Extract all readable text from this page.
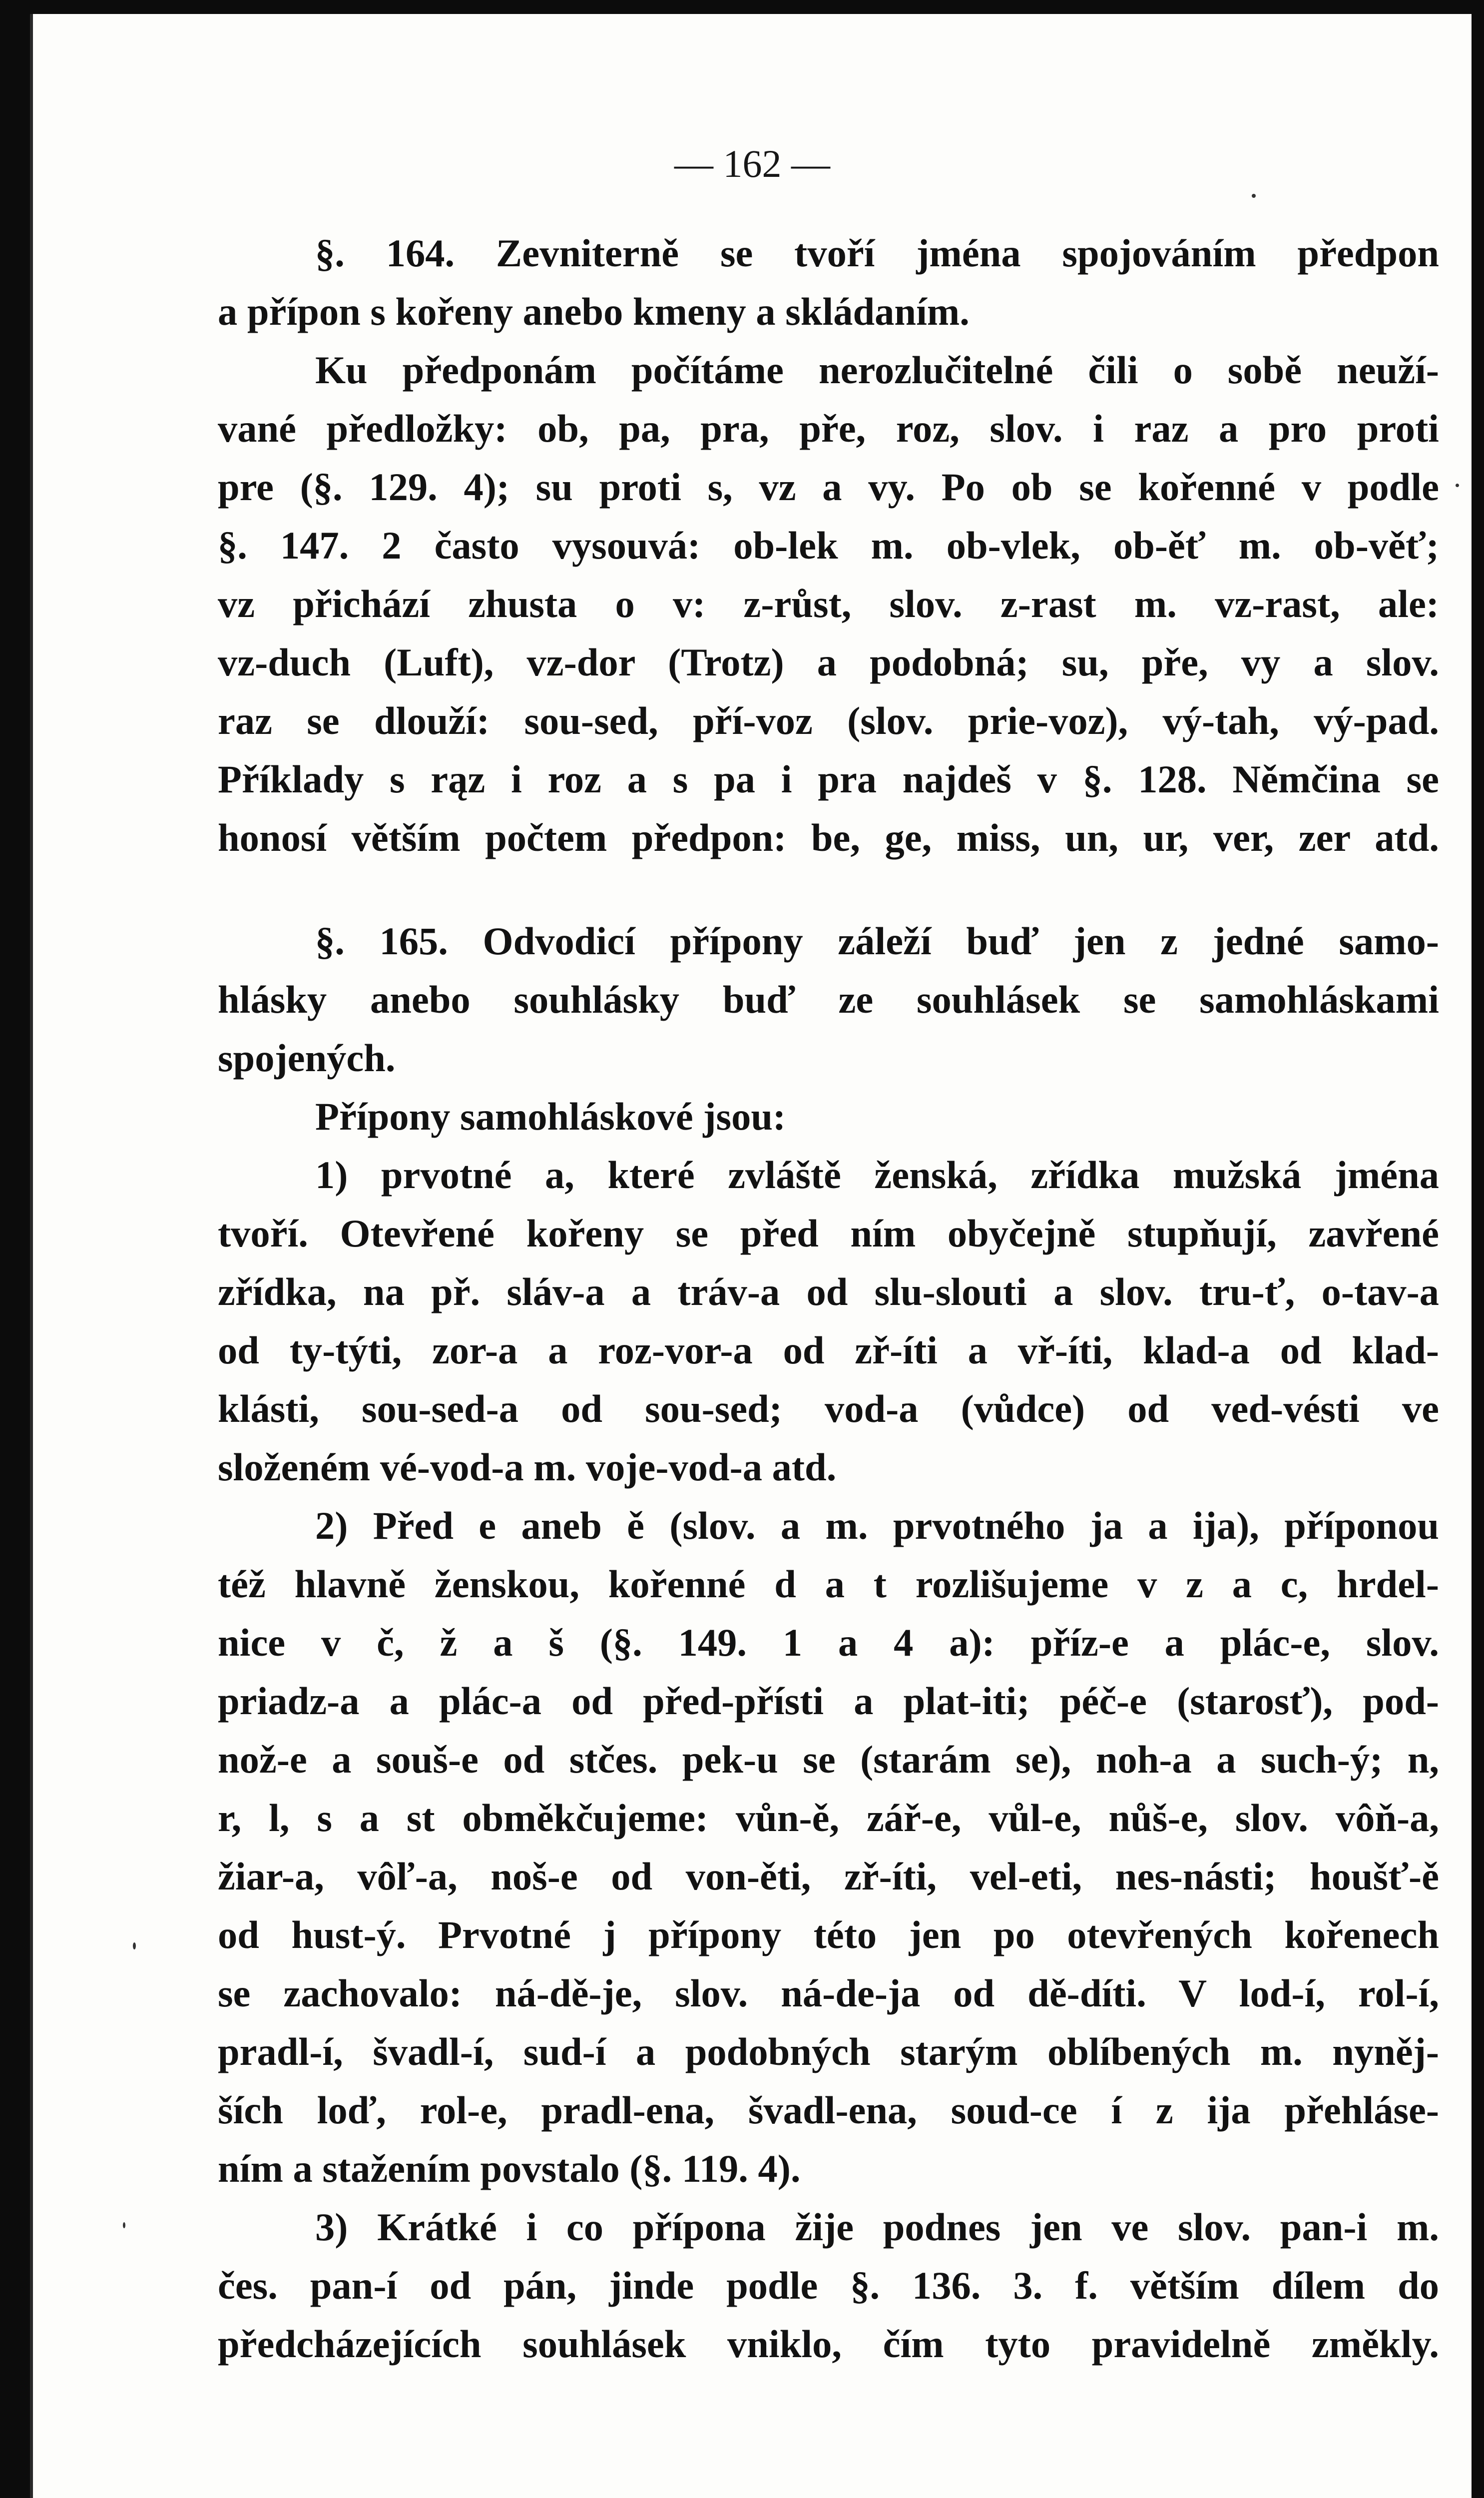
— 162 —
§. 164. Zevniterně se tvoří jména spojováním předpon
a přípon s kořeny anebo kmeny a skládaním.
Ku předponám počítáme nerozlučitelné čili o sobě neuží-
vané předložky: ob, pa, pra, pře, roz, slov. i raz a pro proti
pre (§. 129. 4); su proti s, vz a vy. Po ob se kořenné v podle
§. 147. 2 často vysouvá: ob-lek m. ob-vlek, ob-ěť m. ob-věť;
vz přichází zhusta o v: z-růst, slov. z-rast m. vz-rast, ale:
vz-duch (Luft), vz-dor (Trotz) a podobná; su, pře, vy a slov.
raz se dlouží: sou-sed, pří-voz (slov. prie-voz), vý-tah, vý-pad.
Příklady s rąz i roz a s pa i pra najdeš v §. 128. Němčina se
honosí větším počtem předpon: be, ge, miss, un, ur, ver, zer atd.
§. 165. Odvodicí přípony záleží buď jen z jedné samo-
hlásky anebo souhlásky buď ze souhlásek se samohláskami
spojených.
Přípony samohláskové jsou:
1) prvotné a, které zvláště ženská, zřídka mužská jména
tvoří. Otevřené kořeny se před ním obyčejně stupňují, zavřené
zřídka, na př. sláv-a a tráv-a od slu-slouti a slov. tru-ť, o-tav-a
od ty-týti, zor-a a roz-vor-a od zř-íti a vř-íti, klad-a od klad-
klásti, sou-sed-a od sou-sed; vod-a (vůdce) od ved-vésti ve
složeném vé-vod-a m. voje-vod-a atd.
2) Před e aneb ě (slov. a m. prvotného ja a ija), příponou
též hlavně ženskou, kořenné d a t rozlišujeme v z a c, hrdel-
nice v č, ž a š (§. 149. 1 a 4 a): příz-e a plác-e, slov.
priadz-a a plác-a od před-přísti a plat-iti; péč-e (starosť), pod-
nož-e a souš-e od stčes. pek-u se (starám se), noh-a a such-ý; n,
r, l, s a st obměkčujeme: vůn-ě, zář-e, vůl-e, nůš-e, slov. vôň-a,
žiar-a, vôľ-a, noš-e od von-ěti, zř-íti, vel-eti, nes-násti; houšť-ě
od hust-ý. Prvotné j přípony této jen po otevřených kořenech
se zachovalo: ná-dě-je, slov. ná-de-ja od dě-díti. V lod-í, rol-í,
pradl-í, švadl-í, sud-í a podobných starým oblíbených m. nyněj-
ších loď, rol-e, pradl-ena, švadl-ena, soud-ce í z ija přehláse-
ním a stažením povstalo (§. 119. 4).
3) Krátké i co přípona žije podnes jen ve slov. pan-i m.
čes. pan-í od pán, jinde podle §. 136. 3. f. větším dílem do
předcházejících souhlásek vniklo, čím tyto pravidelně změkly.
